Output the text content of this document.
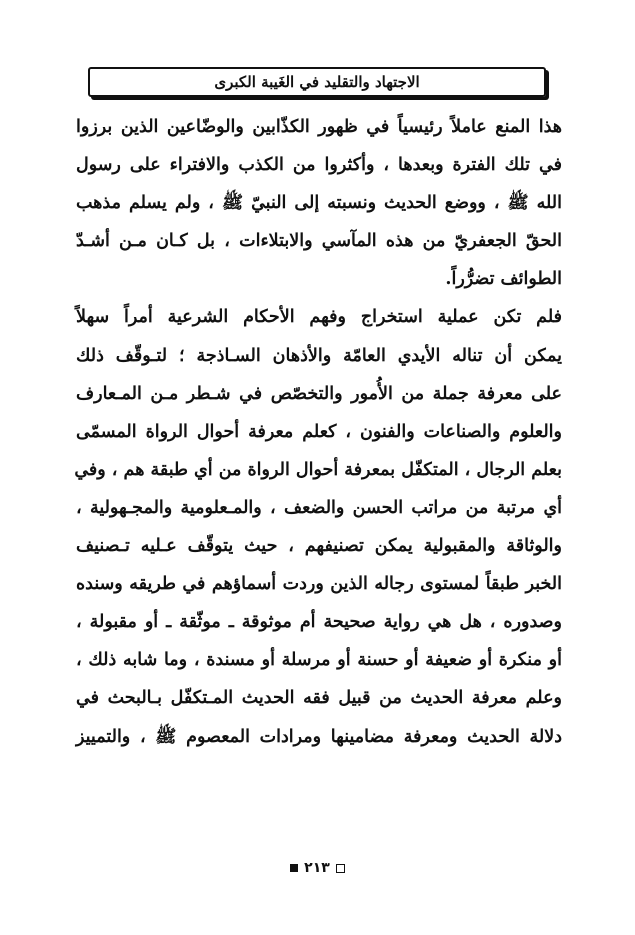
الاجتهاد والتقليد في الغَيبة الكبرى
هذا المنع عاملاً رئيسياً في ظهور الكذّابين والوضّاعين الذين برزوا
في تلك الفترة وبعدها ، وأكثروا من الكذب والافتراء على رسول
الله ﷺ ، ووضع الحديث ونسبته إلى النبيّ ﷺ ، ولم يسلم مذهب
الحقّ الجعفريّ من هذه المآسي والابتلاءات ، بل كـان مـن أشـدّ
الطوائف تضرُّراً.
فلم تكن عملية استخراج وفهم الأحكام الشرعية أمراً سهلاً
يمكن أن تناله الأيدي العامّة والأذهان السـاذجة ؛ لتـوقّف ذلك
على معرفة جملة من الأُمور والتخصّص في شـطر مـن المـعارف
والعلوم والصناعات والفنون ، كعلم معرفة أحوال الرواة المسمّى
بعلم الرجال ، المتكفّل بمعرفة أحوال الرواة من أي طبقة هم ، وفي
أي مرتبة من مراتب الحسن والضعف ، والمـعلومية والمجـهولية ،
والوثاقة والمقبولية يمكن تصنيفهم ، حيث يتوقّف عـليه تـصنيف
الخبر طبقاً لمستوى رجاله الذين وردت أسماؤهم في طريقه وسنده
وصدوره ، هل هي رواية صحيحة أم موثوقة ـ موثّقة ـ أو مقبولة ،
أو منكرة أو ضعيفة أو حسنة أو مرسلة أو مسندة ، وما شابه ذلك ،
وعلم معرفة الحديث من قبيل فقه الحديث المـتكفّل بـالبحث في
دلالة الحديث ومعرفة مضامينها ومرادات المعصوم ﷺ ، والتمييز
٢١٣
